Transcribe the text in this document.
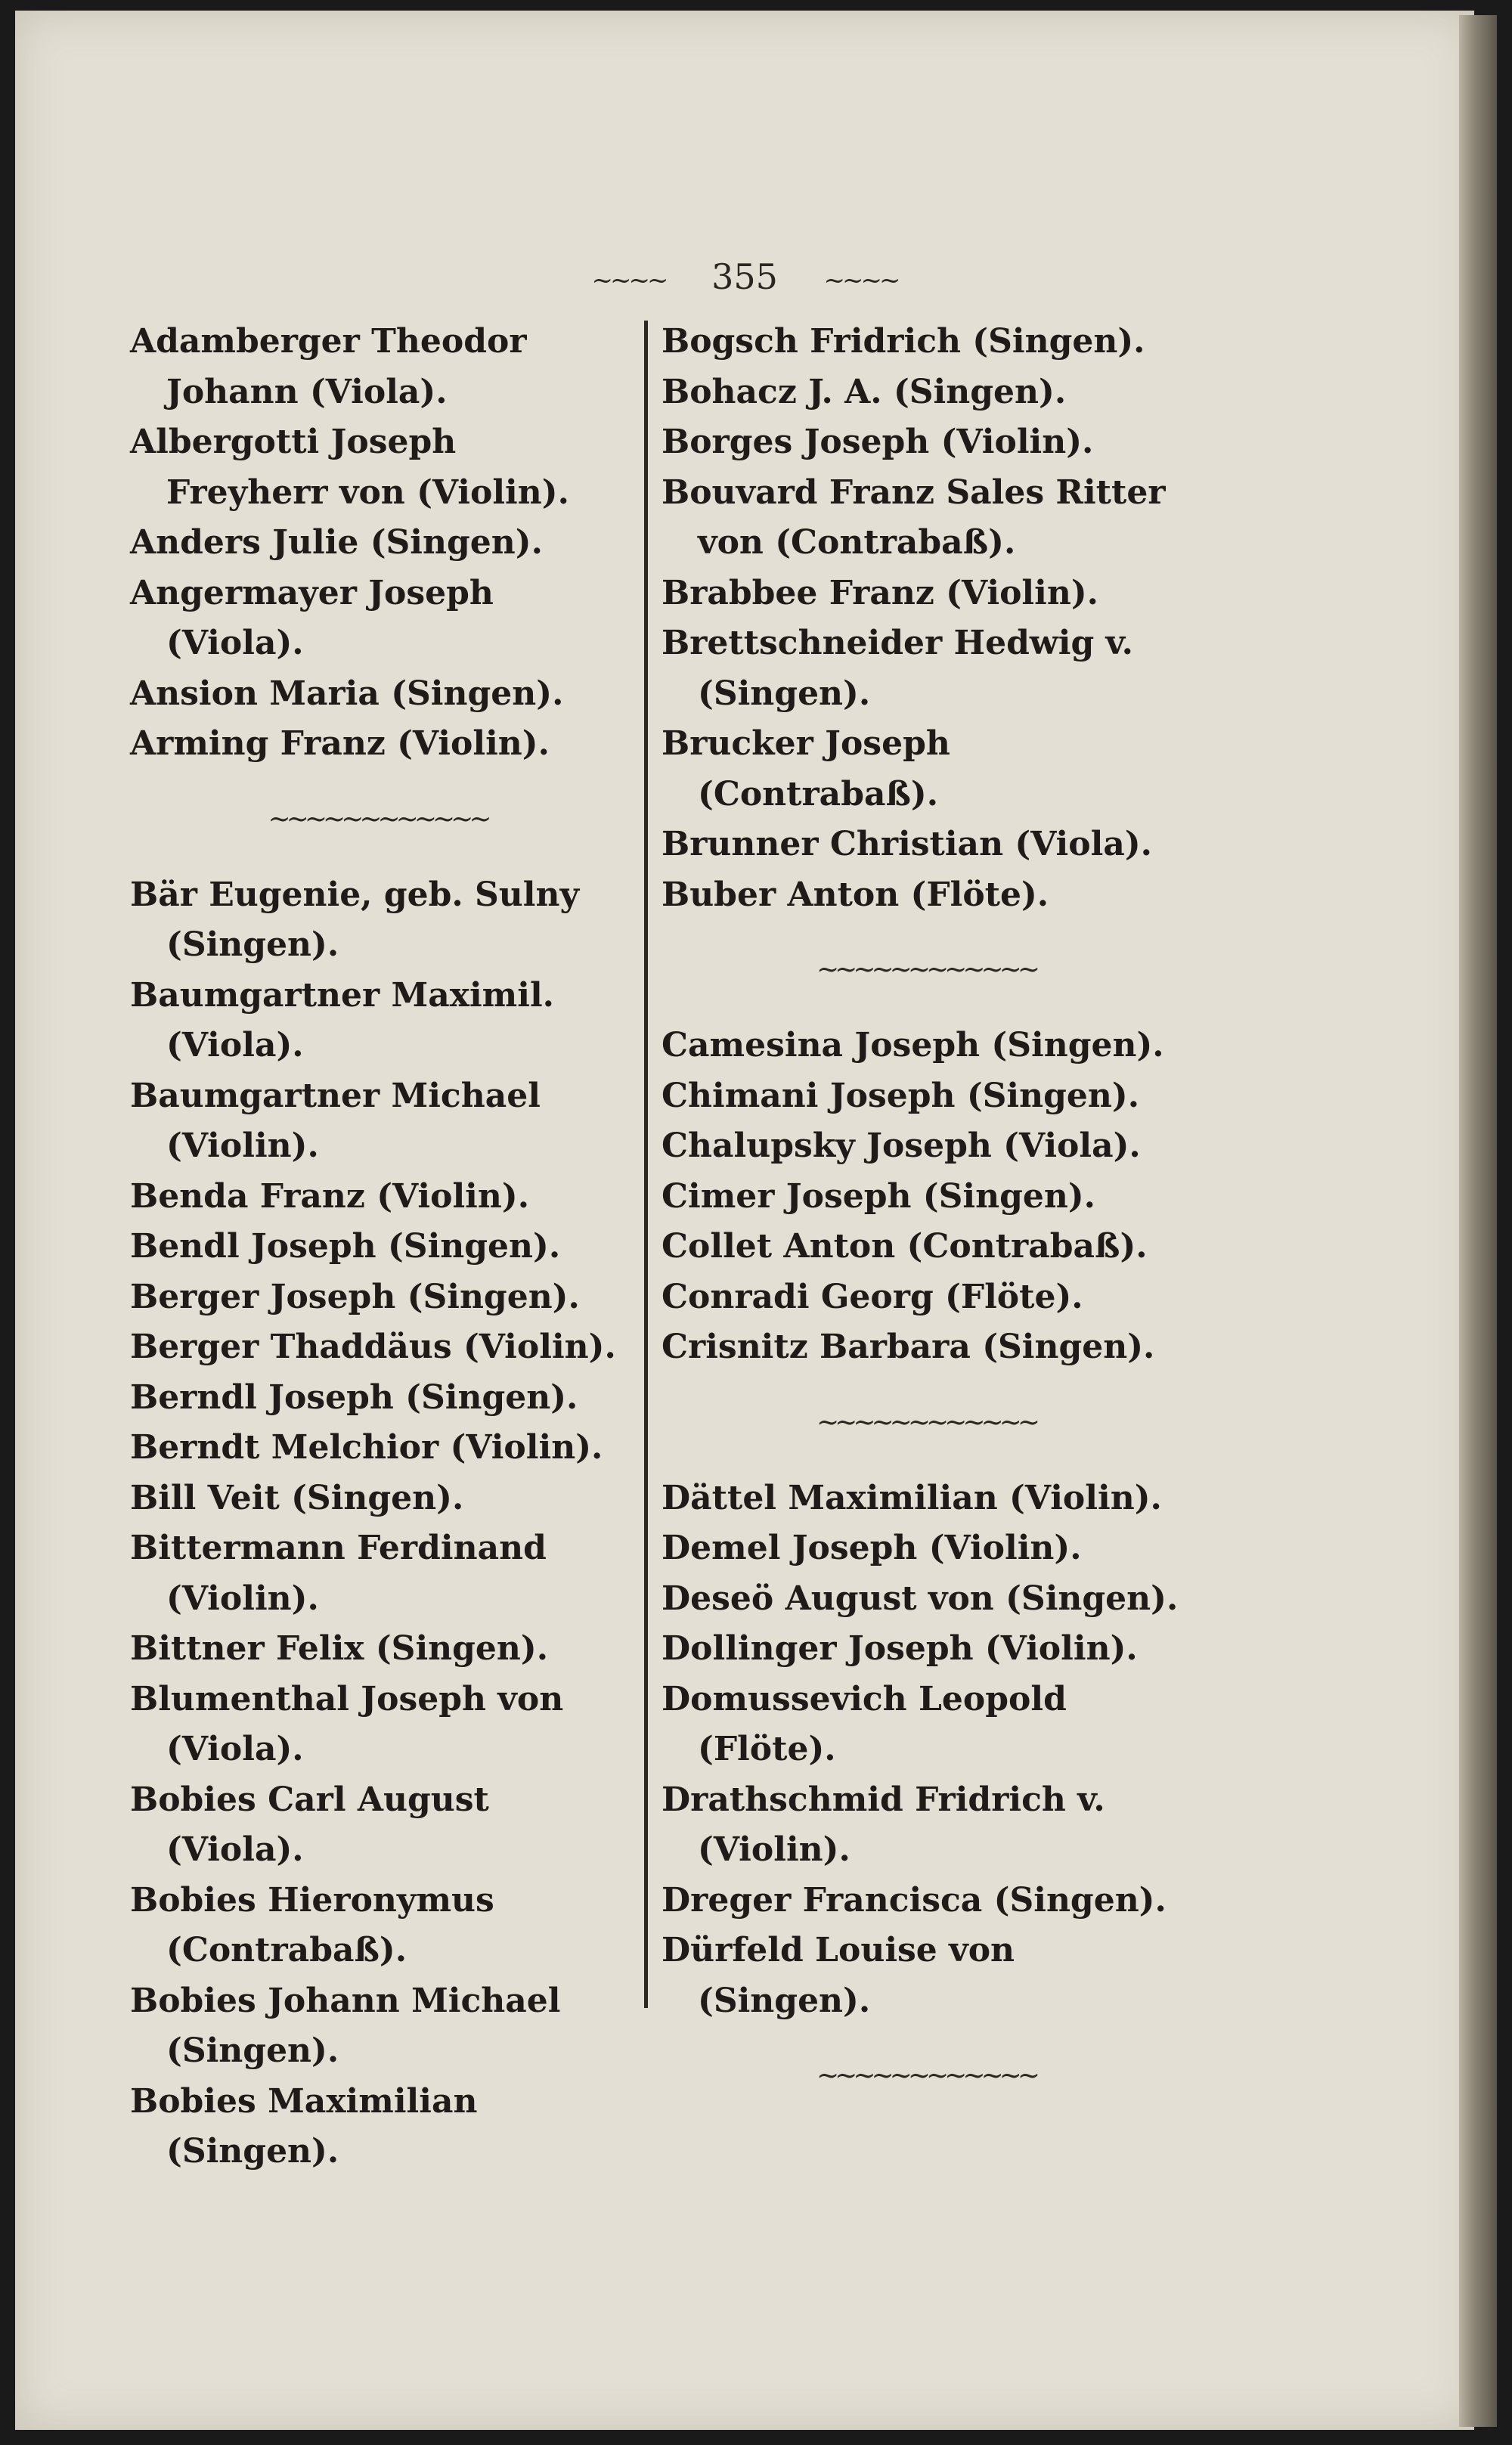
~~~~ 355 ~~~~
Adamberger Theodor Johann (Viola).
Albergotti Joseph Freyherr von (Violin).
Anders Julie (Singen).
Angermayer Joseph (Viola).
Ansion Maria (Singen).
Arming Franz (Violin).
~~~~~~~~~~~~
Bär Eugenie, geb. Sulny (Singen).
Baumgartner Maximil. (Viola).
Baumgartner Michael (Violin).
Benda Franz (Violin).
Bendl Joseph (Singen).
Berger Joseph (Singen).
Berger Thaddäus (Violin).
Berndl Joseph (Singen).
Berndt Melchior (Violin).
Bill Veit (Singen).
Bittermann Ferdinand (Violin).
Bittner Felix (Singen).
Blumenthal Joseph von (Viola).
Bobies Carl August (Viola).
Bobies Hieronymus (Contrabaß).
Bobies Johann Michael (Singen).
Bobies Maximilian (Singen).
Bogsch Fridrich (Singen).
Bohacz J. A. (Singen).
Borges Joseph (Violin).
Bouvard Franz Sales Ritter von (Contrabaß).
Brabbee Franz (Violin).
Brettschneider Hedwig v. (Singen).
Brucker Joseph (Contrabaß).
Brunner Christian (Viola).
Buber Anton (Flöte).
~~~~~~~~~~~~
Camesina Joseph (Singen).
Chimani Joseph (Singen).
Chalupsky Joseph (Viola).
Cimer Joseph (Singen).
Collet Anton (Contrabaß).
Conradi Georg (Flöte).
Crisnitz Barbara (Singen).
~~~~~~~~~~~~
Dättel Maximilian (Violin).
Demel Joseph (Violin).
Deseö August von (Singen).
Dollinger Joseph (Violin).
Domussevich Leopold (Flöte).
Drathschmid Fridrich v. (Violin).
Dreger Francisca (Singen).
Dürfeld Louise von (Singen).
~~~~~~~~~~~~
